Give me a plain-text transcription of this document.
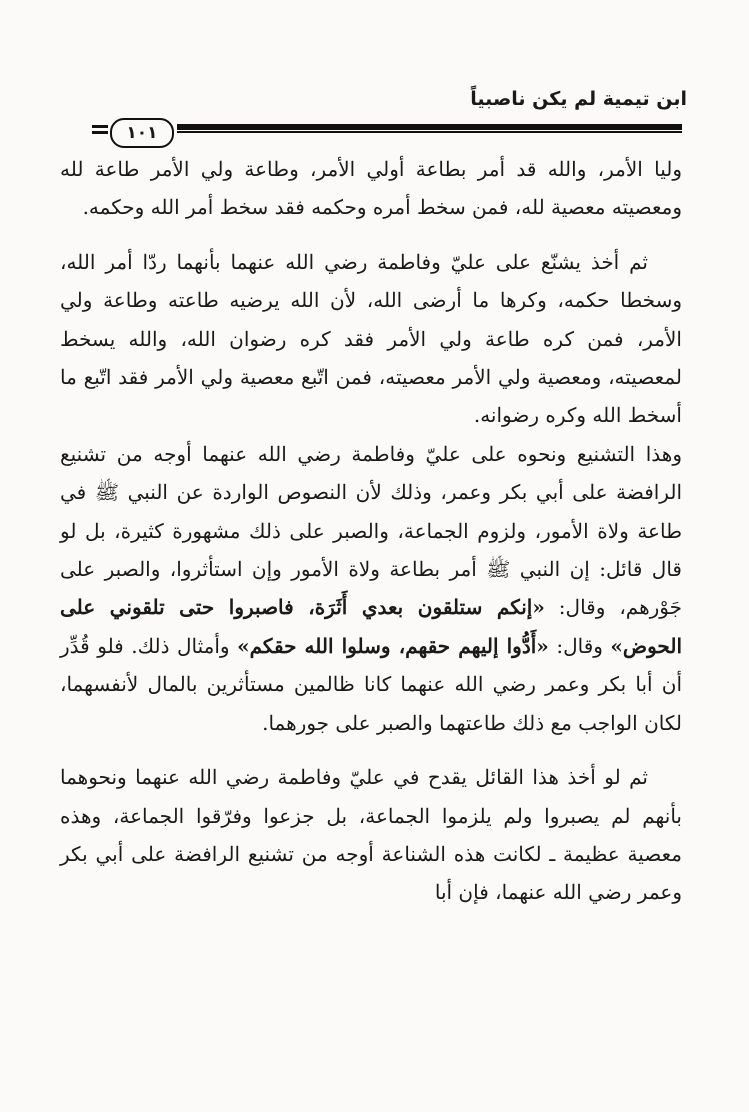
ابن تيمية لم يكن ناصبياً
١٠١

وليا الأمر، والله قد أمر بطاعة أولي الأمر، وطاعة ولي الأمر طاعة لله ومعصيته معصية لله، فمن سخط أمره وحكمه فقد سخط أمر الله وحكمه.

ثم أخذ يشنّع على عليّ وفاطمة رضي الله عنهما بأنهما ردّا أمر الله، وسخطا حكمه، وكرها ما أرضى الله، لأن الله يرضيه طاعته وطاعة ولي الأمر، فمن كره طاعة ولي الأمر فقد كره رضوان الله، والله يسخط لمعصيته، ومعصية ولي الأمر معصيته، فمن اتّبع معصية ولي الأمر فقد اتّبع ما أسخط الله وكره رضوانه.

وهذا التشنيع ونحوه على عليّ وفاطمة رضي الله عنهما أوجه من تشنيع الرافضة على أبي بكر وعمر، وذلك لأن النصوص الواردة عن النبي ﷺ في طاعة ولاة الأمور، ولزوم الجماعة، والصبر على ذلك مشهورة كثيرة، بل لو قال قائل: إن النبي ﷺ أمر بطاعة ولاة الأمور وإن استأثروا، والصبر على جَوْرهم، وقال: «إنكم ستلقون بعدي أَثَرَة، فاصبروا حتى تلقوني على الحوض» وقال: «أَدُّوا إليهم حقهم، وسلوا الله حقكم» وأمثال ذلك. فلو قُدِّر أن أبا بكر وعمر رضي الله عنهما كانا ظالمين مستأثرين بالمال لأنفسهما، لكان الواجب مع ذلك طاعتهما والصبر على جورهما.

ثم لو أخذ هذا القائل يقدح في عليّ وفاطمة رضي الله عنهما ونحوهما بأنهم لم يصبروا ولم يلزموا الجماعة، بل جزعوا وفرّقوا الجماعة، وهذه معصية عظيمة ـ لكانت هذه الشناعة أوجه من تشنيع الرافضة على أبي بكر وعمر رضي الله عنهما، فإن أبا
